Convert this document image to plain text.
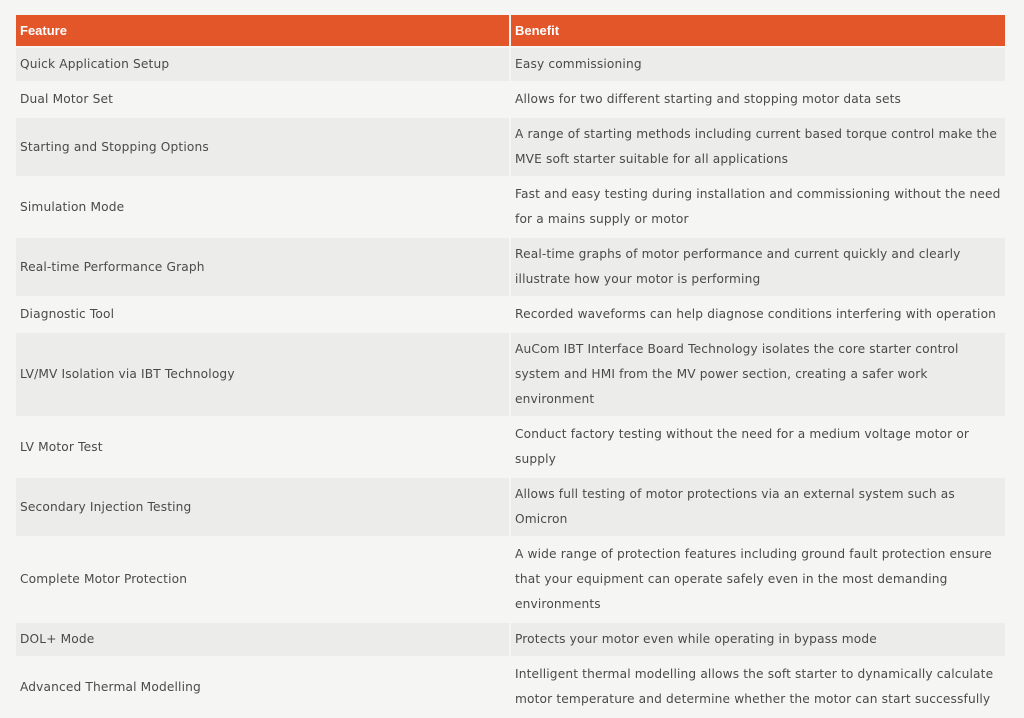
Feature	Benefit
Quick Application Setup	Easy commissioning
Dual Motor Set	Allows for two different starting and stopping motor data sets
Starting and Stopping Options	A range of starting methods including current based torque control make the MVE soft starter suitable for all applications
Simulation Mode	Fast and easy testing during installation and commissioning without the need for a mains supply or motor
Real-time Performance Graph	Real-time graphs of motor performance and current quickly and clearly illustrate how your motor is performing
Diagnostic Tool	Recorded waveforms can help diagnose conditions interfering with operation
LV/MV Isolation via IBT Technology	AuCom IBT Interface Board Technology isolates the core starter control system and HMI from the MV power section, creating a safer work environment
LV Motor Test	Conduct factory testing without the need for a medium voltage motor or supply
Secondary Injection Testing	Allows full testing of motor protections via an external system such as Omicron
Complete Motor Protection	A wide range of protection features including ground fault protection ensure that your equipment can operate safely even in the most demanding environments
DOL+ Mode	Protects your motor even while operating in bypass mode
Advanced Thermal Modelling	Intelligent thermal modelling allows the soft starter to dynamically calculate motor temperature and determine whether the motor can start successfully
